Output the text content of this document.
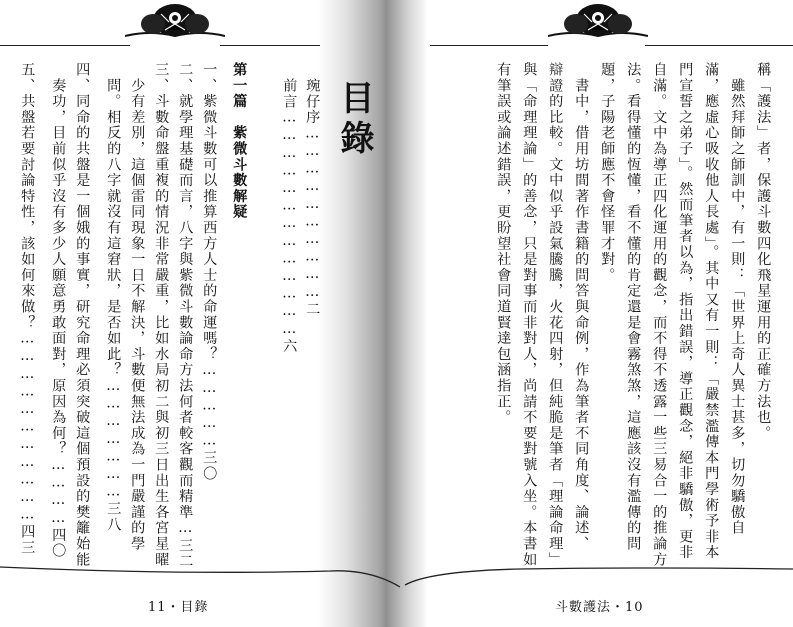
目錄
琬仔序…………………………二
前言…………………………………六
第一篇　紫微斗數解疑
一、紫微斗數可以推算西方人士的命運嗎？……………三〇
二、就學理基礎而言，八字與紫微斗數論命方法何者較客觀而精準…三二
三、斗數命盤重複的情況非常嚴重，比如水局初二與初三日出生各宮星曜
　少有差別，這個雷同現象一日不解決，斗數便無法成為一門嚴謹的學
　問。相反的八字就沒有這窘狀，是否如此？…………………三八
四、同命的共盤是一個娥的事實，研究命理必須突破這個預設的樊籬始能
　奏功，目前似乎沒有多少人願意勇敢面對，原因為何？…………四〇
五、共盤若要討論特性，該如何來做？……………………………四三
11・目錄
稱「護法」者，保護斗數四化飛星運用的正確方法也。
　雖然拜師之師訓中，有一則：「世界上奇人異士甚多，切勿驕傲自
滿，應虛心吸收他人長處」。其中又有一則：「嚴禁濫傳本門學術予非本
門宣誓之弟子」。然而筆者以為，指出錯誤，導正觀念，絕非驕傲，更非
自滿。文中為導正四化運用的觀念，而不得不透露一些三易合一的推論方
法。看得懂的恆懂，看不懂的肯定還是會霧煞煞，這應該沒有濫傳的問
題，子陽老師應不會怪罪才對。
　書中，借用坊間著作書籍的問答與命例，作為筆者不同角度、論述、
辯證的比較。文中似乎設氣騰騰，火花四射，但純脆是筆者「理論命理」
與「命理理論」的善念，只是對事而非對人，尚請不要對號入坐。本書如
有筆誤或論述錯誤，更盼望社會同道賢達包涵指正。
斗數護法・10
